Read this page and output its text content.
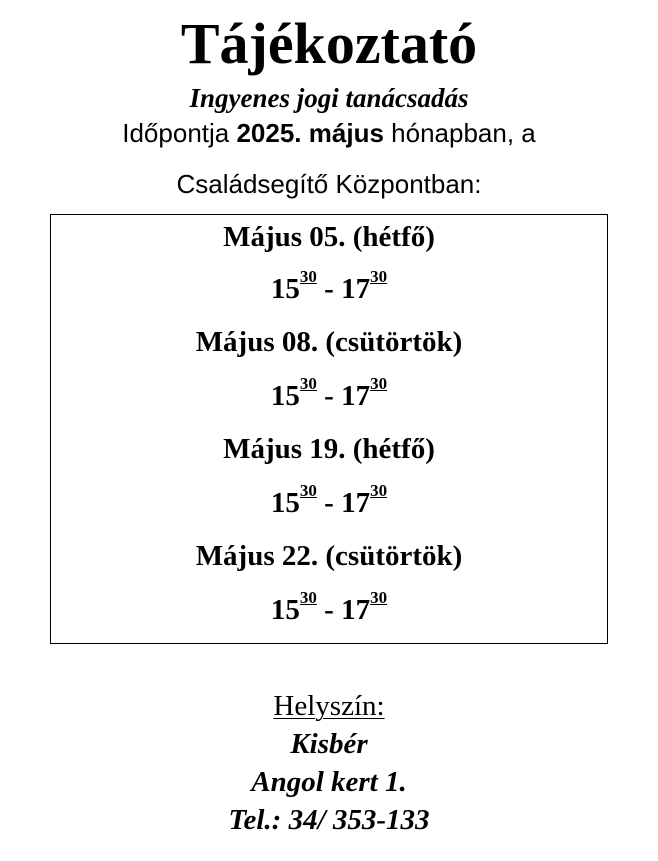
Tájékoztató
Ingyenes jogi tanácsadás
Időpontja 2025. május hónapban, a
Családsegítő Központban:
Május 05. (hétfő)
$15^{30} - 17^{30}$
Május 08. (csütörtök)
$15^{30} - 17^{30}$
Május 19. (hétfő)
$15^{30} - 17^{30}$
Május 22. (csütörtök)
$15^{30} - 17^{30}$
Helyszín:
Kisbér
Angol kert 1.
Tel.: 34/ 353-133
